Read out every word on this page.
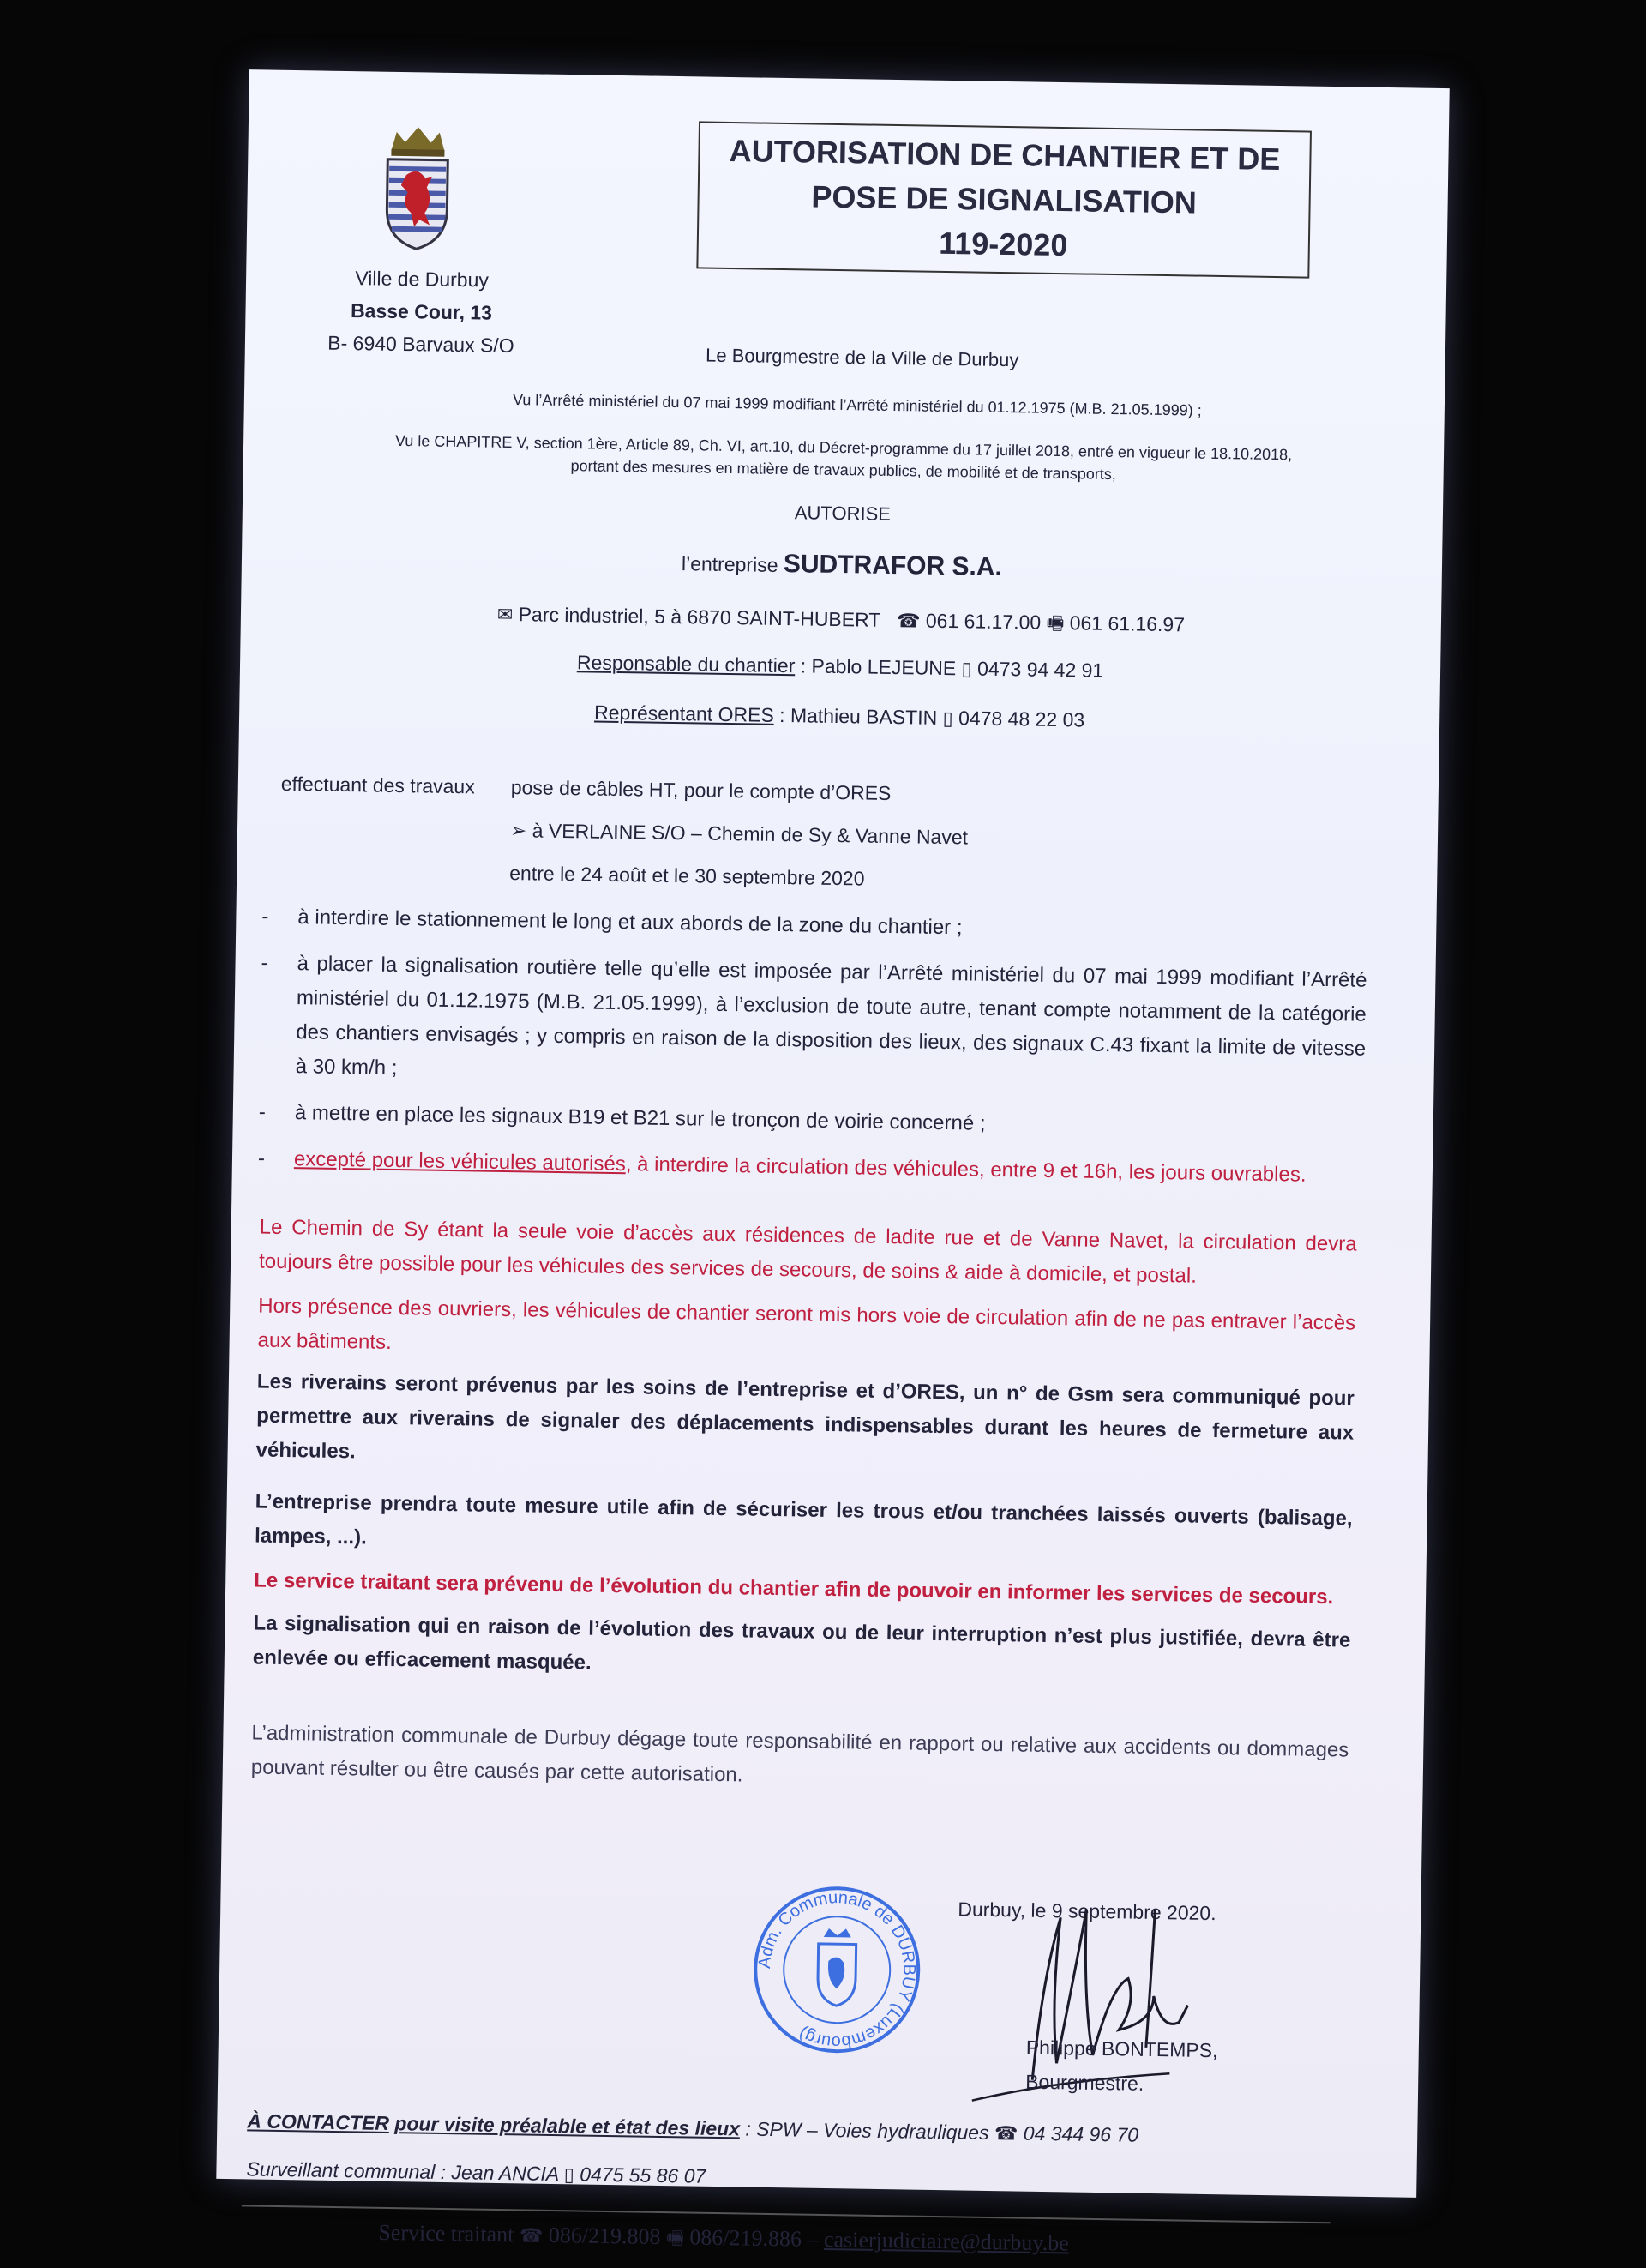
Ville de Durbuy
Basse Cour, 13
B- 6940 Barvaux S/O
AUTORISATION DE CHANTIER ET DE
POSE DE SIGNALISATION
119-2020
Le Bourgmestre de la Ville de Durbuy
Vu l’Arrêté ministériel du 07 mai 1999 modifiant l’Arrêté ministériel du 01.12.1975 (M.B. 21.05.1999) ;
Vu le CHAPITRE V, section 1ère, Article 89, Ch. VI, art.10, du Décret-programme du 17 juillet 2018, entré en vigueur le 18.10.2018,
portant des mesures en matière de travaux publics, de mobilité et de transports,
AUTORISE
l’entreprise SUDTRAFOR S.A.
✉ Parc industriel, 5 à 6870 SAINT-HUBERT ☎ 061 61.17.00 🖷 061 61.16.97
Responsable du chantier : Pablo LEJEUNE ▯ 0473 94 42 91
Représentant ORES : Mathieu BASTIN ▯ 0478 48 22 03
effectuant des travaux pose de câbles HT, pour le compte d’ORES
➢ à VERLAINE S/O – Chemin de Sy & Vanne Navet
entre le 24 août et le 30 septembre 2020
-	à interdire le stationnement le long et aux abords de la zone du chantier ;
-	à placer la signalisation routière telle qu’elle est imposée par l’Arrêté ministériel du 07 mai 1999 modifiant l’Arrêté ministériel du 01.12.1975 (M.B. 21.05.1999), à l’exclusion de toute autre, tenant compte notamment de la catégorie des chantiers envisagés ; y compris en raison de la disposition des lieux, des signaux C.43 fixant la limite de vitesse à 30 km/h ;
-	à mettre en place les signaux B19 et B21 sur le tronçon de voirie concerné ;
-	excepté pour les véhicules autorisés, à interdire la circulation des véhicules, entre 9 et 16h, les jours ouvrables.
Le Chemin de Sy étant la seule voie d’accès aux résidences de ladite rue et de Vanne Navet, la circulation devra toujours être possible pour les véhicules des services de secours, de soins & aide à domicile, et postal.
Hors présence des ouvriers, les véhicules de chantier seront mis hors voie de circulation afin de ne pas entraver l’accès aux bâtiments.
Les riverains seront prévenus par les soins de l’entreprise et d’ORES, un n° de Gsm sera communiqué pour permettre aux riverains de signaler des déplacements indispensables durant les heures de fermeture aux véhicules.
L’entreprise prendra toute mesure utile afin de sécuriser les trous et/ou tranchées laissés ouverts (balisage, lampes, ...).
Le service traitant sera prévenu de l’évolution du chantier afin de pouvoir en informer les services de secours.
La signalisation qui en raison de l’évolution des travaux ou de leur interruption n’est plus justifiée, devra être enlevée ou efficacement masquée.
L’administration communale de Durbuy dégage toute responsabilité en rapport ou relative aux accidents ou dommages pouvant résulter ou être causés par cette autorisation.
Adm. Communale de DURBUY (Luxembourg)
Durbuy, le 9 septembre 2020.
Philippe BONTEMPS,
Bourgmestre.
À CONTACTER pour visite préalable et état des lieux : SPW – Voies hydrauliques ☎ 04 344 96 70
Surveillant communal : Jean ANCIA ▯ 0475 55 86 07
Service traitant ☎ 086/219.808 🖷 086/219.886 – casierjudiciaire@durbuy.be
